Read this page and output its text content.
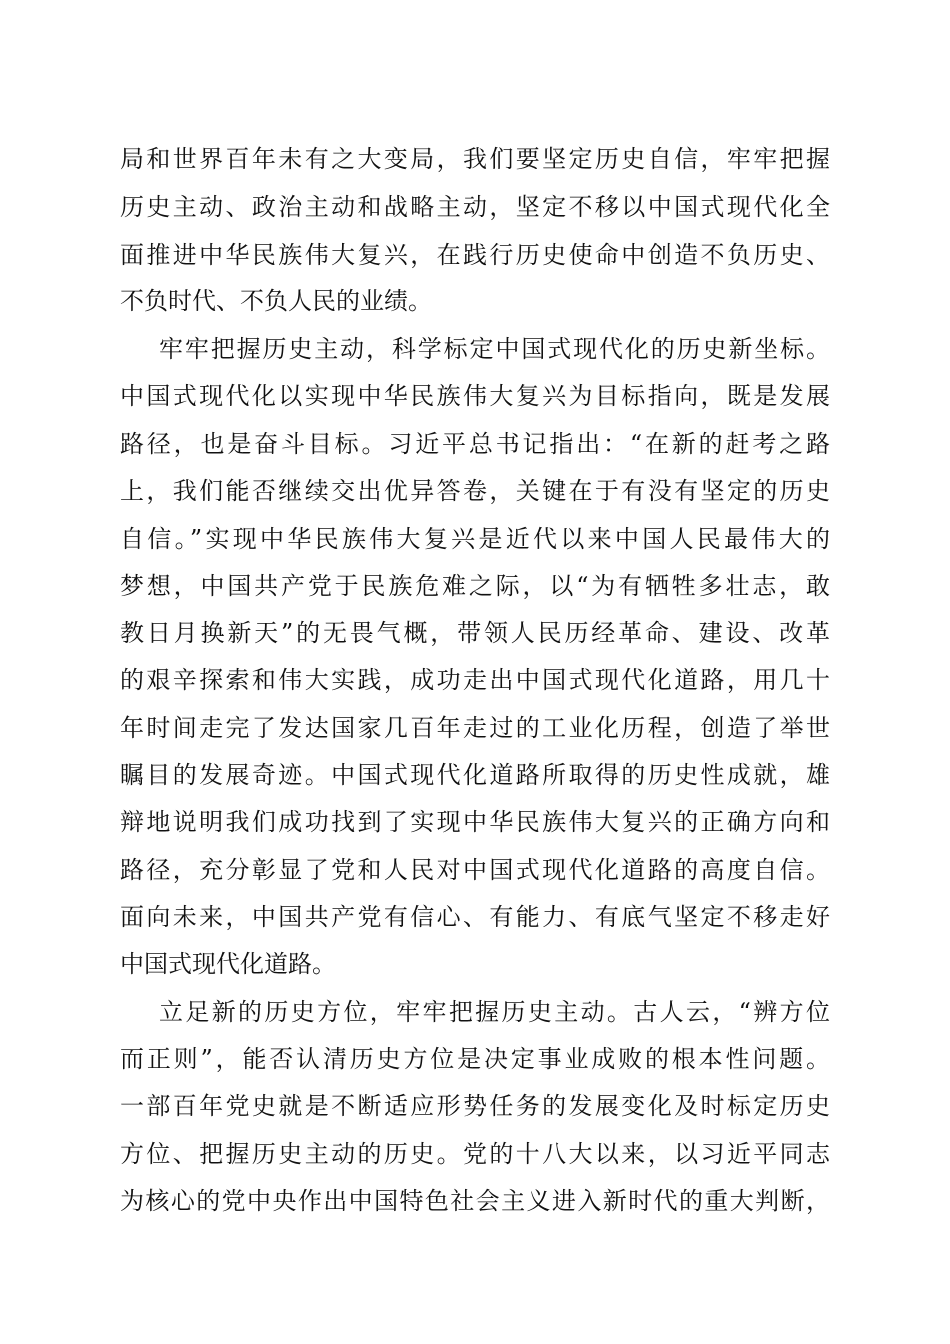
局和世界百年未有之大变局，我们要坚定历史自信，牢牢把握
历史主动、政治主动和战略主动，坚定不移以中国式现代化全
面推进中华民族伟大复兴，在践行历史使命中创造不负历史、
不负时代、不负人民的业绩。
牢牢把握历史主动，科学标定中国式现代化的历史新坐标。
中国式现代化以实现中华民族伟大复兴为目标指向，既是发展
路径，也是奋斗目标。习近平总书记指出：“在新的赶考之路
上，我们能否继续交出优异答卷，关键在于有没有坚定的历史
自信。”实现中华民族伟大复兴是近代以来中国人民最伟大的
梦想，中国共产党于民族危难之际，以“为有牺牲多壮志，敢
教日月换新天”的无畏气概，带领人民历经革命、建设、改革
的艰辛探索和伟大实践，成功走出中国式现代化道路，用几十
年时间走完了发达国家几百年走过的工业化历程，创造了举世
瞩目的发展奇迹。中国式现代化道路所取得的历史性成就，雄
辩地说明我们成功找到了实现中华民族伟大复兴的正确方向和
路径，充分彰显了党和人民对中国式现代化道路的高度自信。
面向未来，中国共产党有信心、有能力、有底气坚定不移走好
中国式现代化道路。
立足新的历史方位，牢牢把握历史主动。古人云，“辨方位
而正则”，能否认清历史方位是决定事业成败的根本性问题。
一部百年党史就是不断适应形势任务的发展变化及时标定历史
方位、把握历史主动的历史。党的十八大以来，以习近平同志
为核心的党中央作出中国特色社会主义进入新时代的重大判断，
